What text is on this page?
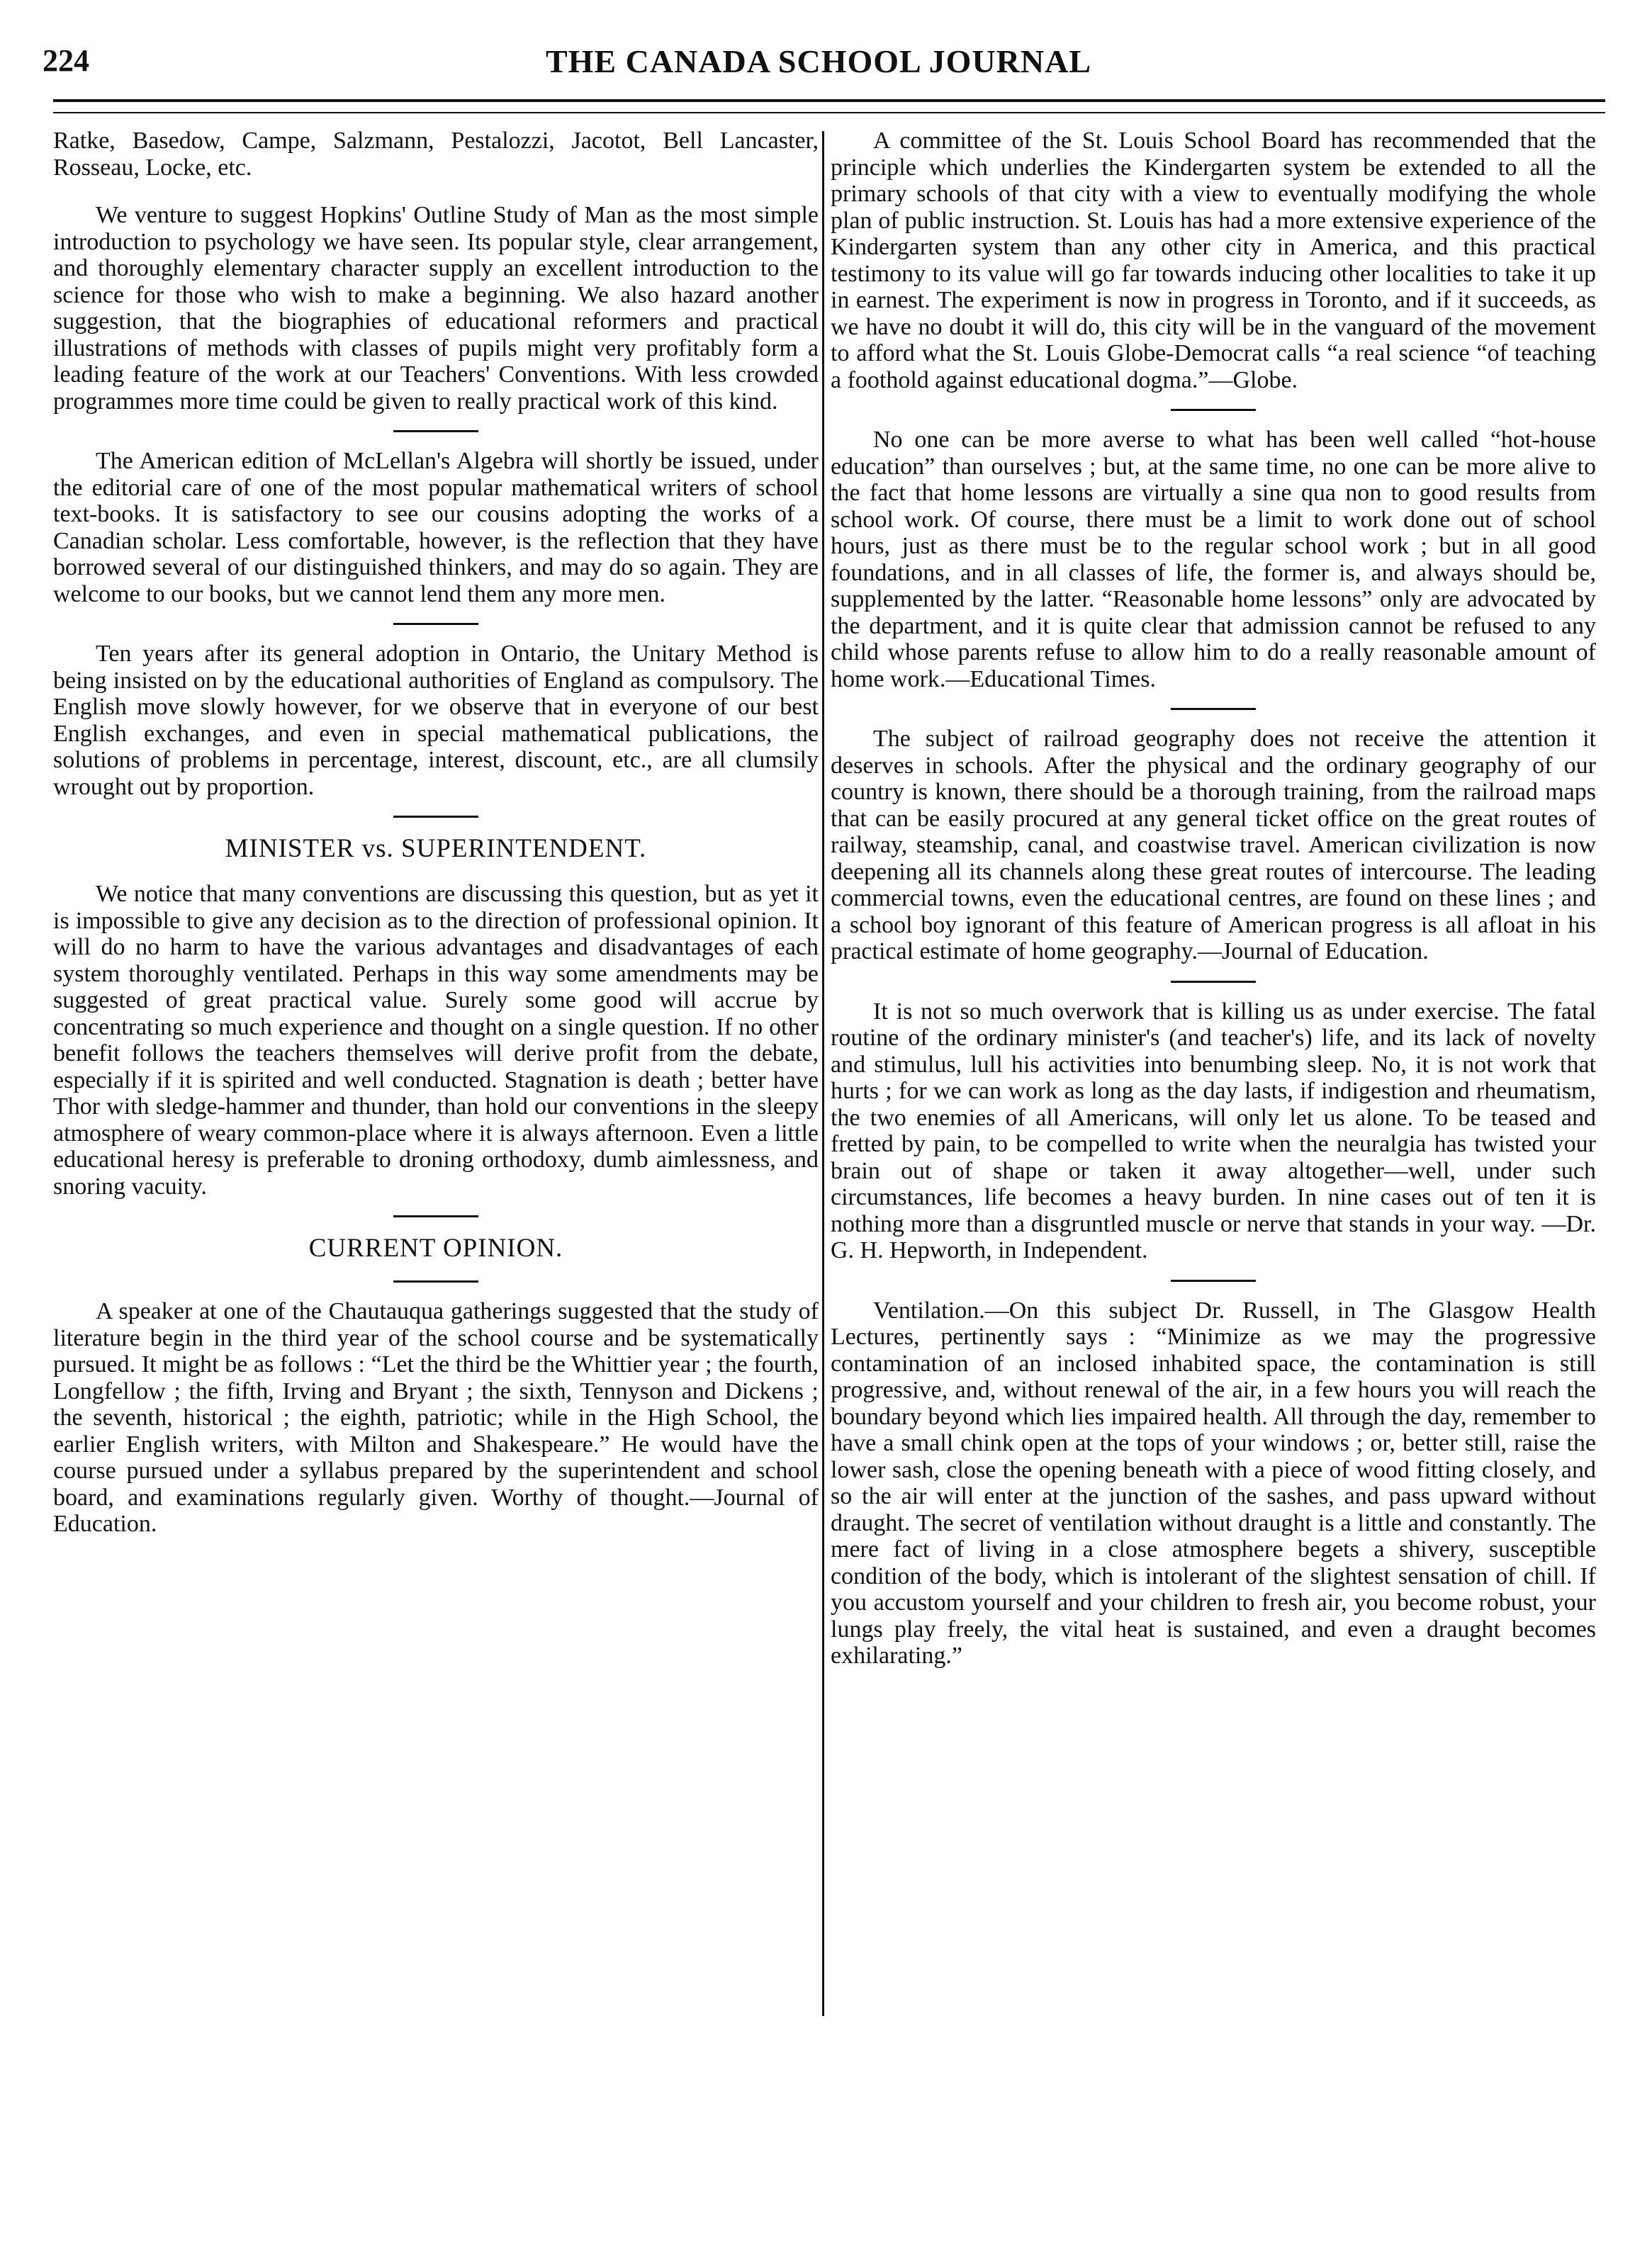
224	THE CANADA SCHOOL JOURNAL

Ratke, Basedow, Campe, Salzmann, Pestalozzi, Jacotot, Bell Lancaster, Rosseau, Locke, etc.

We venture to suggest Hopkins' Outline Study of Man as the most simple introduction to psychology we have seen. Its popular style, clear arrangement, and thoroughly elementary character supply an excellent introduction to the science for those who wish to make a beginning. We also hazard another suggestion, that the biographies of educational reformers and practical illustrations of methods with classes of pupils might very profitably form a leading feature of the work at our Teachers' Conventions. With less crowded programmes more time could be given to really practical work of this kind.

The American edition of McLellan's Algebra will shortly be issued, under the editorial care of one of the most popular mathematical writers of school text-books. It is satisfactory to see our cousins adopting the works of a Canadian scholar. Less comfortable, however, is the reflection that they have borrowed several of our distinguished thinkers, and may do so again. They are welcome to our books, but we cannot lend them any more men.

Ten years after its general adoption in Ontario, the Unitary Method is being insisted on by the educational authorities of England as compulsory. The English move slowly however, for we observe that in everyone of our best English exchanges, and even in special mathematical publications, the solutions of problems in percentage, interest, discount, etc., are all clumsily wrought out by proportion.

MINISTER vs. SUPERINTENDENT.

We notice that many conventions are discussing this question, but as yet it is impossible to give any decision as to the direction of professional opinion. It will do no harm to have the various advantages and disadvantages of each system thoroughly ventilated. Perhaps in this way some amendments may be suggested of great practical value. Surely some good will accrue by concentrating so much experience and thought on a single question. If no other benefit follows the teachers themselves will derive profit from the debate, especially if it is spirited and well conducted. Stagnation is death ; better have Thor with sledge-hammer and thunder, than hold our conventions in the sleepy atmosphere of weary common-place where it is always afternoon. Even a little educational heresy is preferable to droning orthodoxy, dumb aimlessness, and snoring vacuity.

CURRENT OPINION.

A speaker at one of the Chautauqua gatherings suggested that the study of literature begin in the third year of the school course and be systematically pursued. It might be as follows : “Let the third be the Whittier year ; the fourth, Longfellow ; the fifth, Irving and Bryant ; the sixth, Tennyson and Dickens ; the seventh, historical ; the eighth, patriotic; while in the High School, the earlier English writers, with Milton and Shakespeare.” He would have the course pursued under a syllabus prepared by the superintendent and school board, and examinations regularly given. Worthy of thought.—Journal of Education.

A committee of the St. Louis School Board has recommended that the principle which underlies the Kindergarten system be extended to all the primary schools of that city with a view to eventually modifying the whole plan of public instruction. St. Louis has had a more extensive experience of the Kindergarten system than any other city in America, and this practical testimony to its value will go far towards inducing other localities to take it up in earnest. The experiment is now in progress in Toronto, and if it succeeds, as we have no doubt it will do, this city will be in the vanguard of the movement to afford what the St. Louis Globe-Democrat calls “a real science “of teaching a foothold against educational dogma.”—Globe.

No one can be more averse to what has been well called “hot-house education” than ourselves ; but, at the same time, no one can be more alive to the fact that home lessons are virtually a sine qua non to good results from school work. Of course, there must be a limit to work done out of school hours, just as there must be to the regular school work ; but in all good foundations, and in all classes of life, the former is, and always should be, supplemented by the latter. “Reasonable home lessons” only are advocated by the department, and it is quite clear that admission cannot be refused to any child whose parents refuse to allow him to do a really reasonable amount of home work.—Educational Times.

The subject of railroad geography does not receive the attention it deserves in schools. After the physical and the ordinary geography of our country is known, there should be a thorough training, from the railroad maps that can be easily procured at any general ticket office on the great routes of railway, steamship, canal, and coastwise travel. American civilization is now deepening all its channels along these great routes of intercourse. The leading commercial towns, even the educational centres, are found on these lines ; and a school boy ignorant of this feature of American progress is all afloat in his practical estimate of home geography.—Journal of Education.

It is not so much overwork that is killing us as under exercise. The fatal routine of the ordinary minister's (and teacher's) life, and its lack of novelty and stimulus, lull his activities into benumbing sleep. No, it is not work that hurts ; for we can work as long as the day lasts, if indigestion and rheumatism, the two enemies of all Americans, will only let us alone. To be teased and fretted by pain, to be compelled to write when the neuralgia has twisted your brain out of shape or taken it away altogether—well, under such circumstances, life becomes a heavy burden. In nine cases out of ten it is nothing more than a disgruntled muscle or nerve that stands in your way. —Dr. G. H. Hepworth, in Independent.

Ventilation.—On this subject Dr. Russell, in The Glasgow Health Lectures, pertinently says : “Minimize as we may the progressive contamination of an inclosed inhabited space, the contamination is still progressive, and, without renewal of the air, in a few hours you will reach the boundary beyond which lies impaired health. All through the day, remember to have a small chink open at the tops of your windows ; or, better still, raise the lower sash, close the opening beneath with a piece of wood fitting closely, and so the air will enter at the junction of the sashes, and pass upward without draught. The secret of ventilation without draught is a little and constantly. The mere fact of living in a close atmosphere begets a shivery, susceptible condition of the body, which is intolerant of the slightest sensation of chill. If you accustom yourself and your children to fresh air, you become robust, your lungs play freely, the vital heat is sustained, and even a draught becomes exhilarating.”
